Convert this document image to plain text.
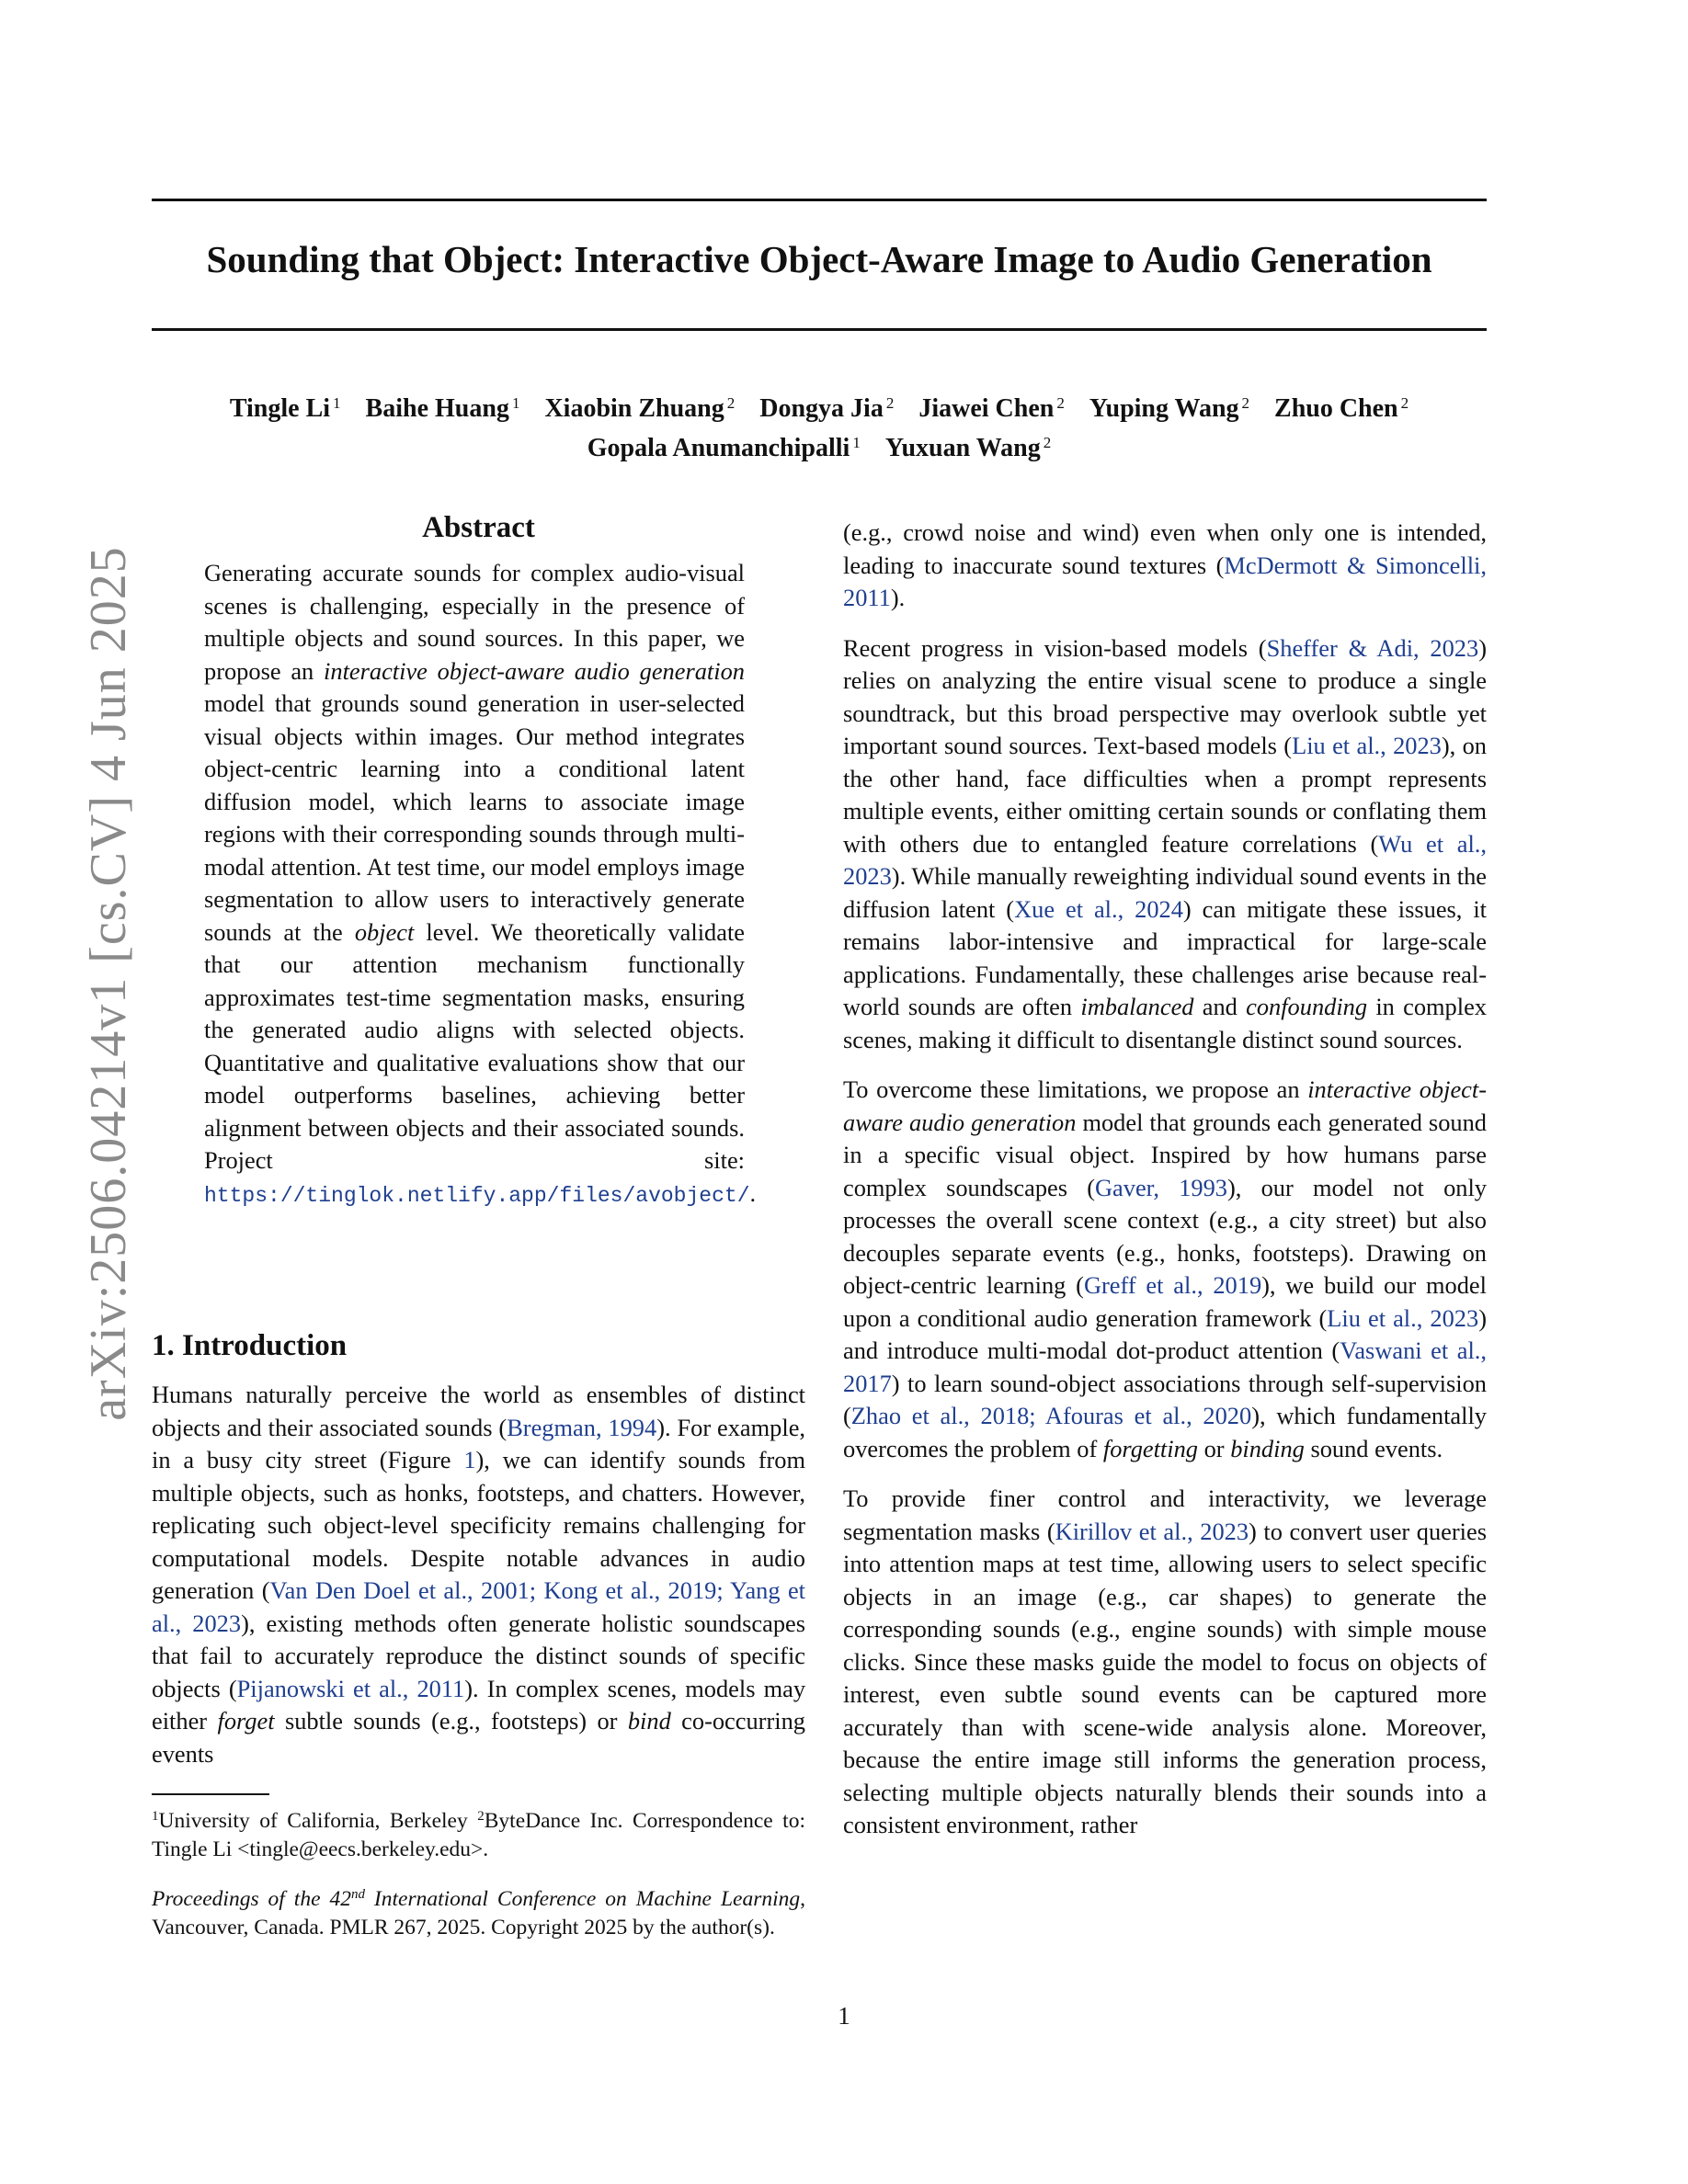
Sounding that Object: Interactive Object-Aware Image to Audio Generation
Tingle Li $^1$ Baihe Huang $^1$ Xiaobin Zhuang $^2$ Dongya Jia $^2$ Jiawei Chen $^2$ Yuping Wang $^2$ Zhuo Chen $^2$
Gopala Anumanchipalli $^1$ Yuxuan Wang $^2$
arXiv:2506.04214v1 [cs.CV] 4 Jun 2025
Abstract
Generating accurate sounds for complex audio-visual scenes is challenging, especially in the presence of multiple objects and sound sources. In this paper, we propose an interactive object-aware audio generation model that grounds sound generation in user-selected visual objects within images. Our method integrates object-centric learning into a conditional latent diffusion model, which learns to associate image regions with their corresponding sounds through multi-modal attention. At test time, our model employs image segmentation to allow users to interactively generate sounds at the object level. We theoretically validate that our attention mechanism functionally approximates test-time segmentation masks, ensuring the generated audio aligns with selected objects. Quantitative and qualitative evaluations show that our model outperforms baselines, achieving better alignment between objects and their associated sounds. Project site: https://tinglok.netlify.app/files/avobject/.
1. Introduction

Humans naturally perceive the world as ensembles of distinct objects and their associated sounds (Bregman, 1994). For example, in a busy city street (Figure 1), we can identify sounds from multiple objects, such as honks, footsteps, and chatters. However, replicating such object-level specificity remains challenging for computational models. Despite notable advances in audio generation (Van Den Doel et al., 2001; Kong et al., 2019; Yang et al., 2023), existing methods often generate holistic soundscapes that fail to accurately reproduce the distinct sounds of specific objects (Pijanowski et al., 2011). In complex scenes, models may either forget subtle sounds (e.g., footsteps) or bind co-occurring events

$^1$University of California, Berkeley $^2$ByteDance Inc. Correspondence to: Tingle Li <tingle@eecs.berkeley.edu>.
Proceedings of the 42nd International Conference on Machine Learning, Vancouver, Canada. PMLR 267, 2025. Copyright 2025 by the author(s).

(e.g., crowd noise and wind) even when only one is intended, leading to inaccurate sound textures (McDermott & Simoncelli, 2011).

Recent progress in vision-based models (Sheffer & Adi, 2023) relies on analyzing the entire visual scene to produce a single soundtrack, but this broad perspective may overlook subtle yet important sound sources. Text-based models (Liu et al., 2023), on the other hand, face difficulties when a prompt represents multiple events, either omitting certain sounds or conflating them with others due to entangled feature correlations (Wu et al., 2023). While manually reweighting individual sound events in the diffusion latent (Xue et al., 2024) can mitigate these issues, it remains labor-intensive and impractical for large-scale applications. Fundamentally, these challenges arise because real-world sounds are often imbalanced and confounding in complex scenes, making it difficult to disentangle distinct sound sources.

To overcome these limitations, we propose an interactive object-aware audio generation model that grounds each generated sound in a specific visual object. Inspired by how humans parse complex soundscapes (Gaver, 1993), our model not only processes the overall scene context (e.g., a city street) but also decouples separate events (e.g., honks, footsteps). Drawing on object-centric learning (Greff et al., 2019), we build our model upon a conditional audio generation framework (Liu et al., 2023) and introduce multi-modal dot-product attention (Vaswani et al., 2017) to learn sound-object associations through self-supervision (Zhao et al., 2018; Afouras et al., 2020), which fundamentally overcomes the problem of forgetting or binding sound events.

To provide finer control and interactivity, we leverage segmentation masks (Kirillov et al., 2023) to convert user queries into attention maps at test time, allowing users to select specific objects in an image (e.g., car shapes) to generate the corresponding sounds (e.g., engine sounds) with simple mouse clicks. Since these masks guide the model to focus on objects of interest, even subtle sound events can be captured more accurately than with scene-wide analysis alone. Moreover, because the entire image still informs the generation process, selecting multiple objects naturally blends their sounds into a consistent environment, rather

1
